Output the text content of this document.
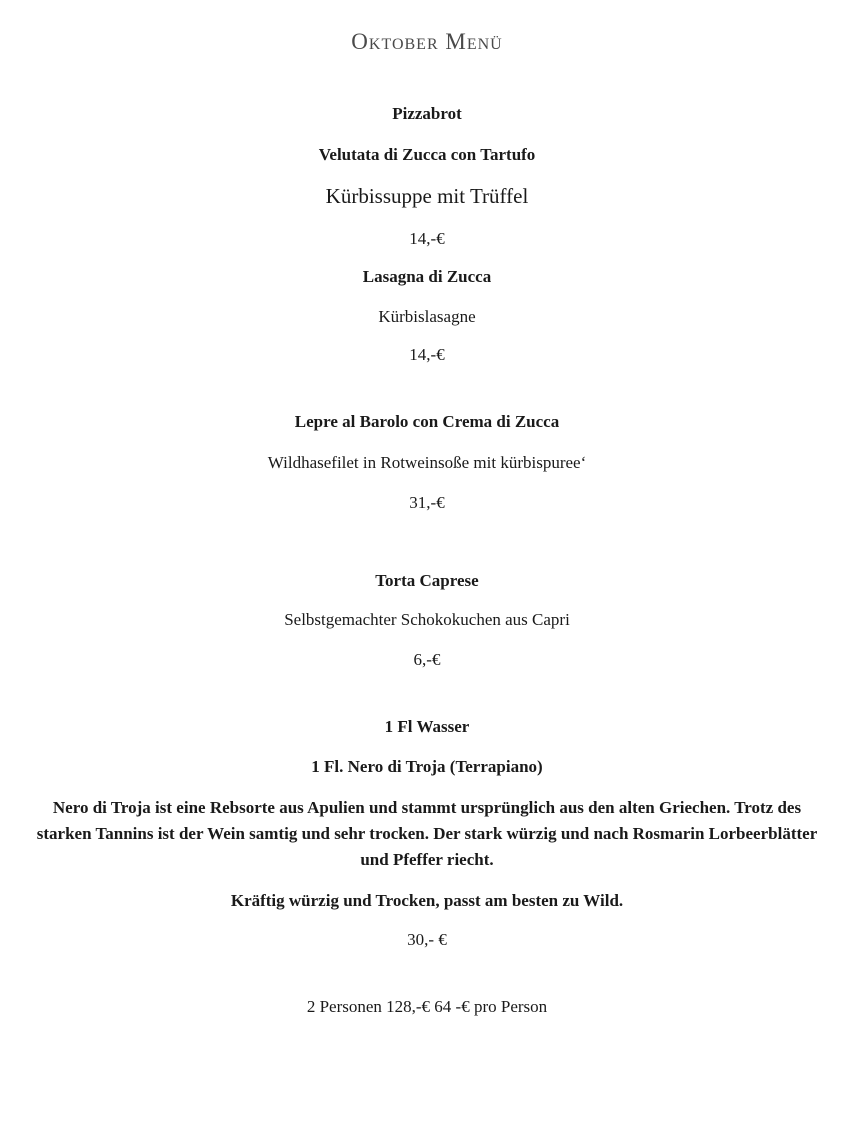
Oktober Menü
Pizzabrot
Velutata di Zucca con Tartufo
Kürbissuppe mit Trüffel
14,-€
Lasagna di Zucca
Kürbislasagne
14,-€
Lepre al Barolo con Crema di Zucca
Wildhasefilet in Rotweinsoße mit kürbispuree‘
31,-€
Torta Caprese
Selbstgemachter Schokokuchen aus Capri
6,-€
1 Fl Wasser
1 Fl. Nero di Troja (Terrapiano)
Nero di Troja ist eine Rebsorte aus Apulien und stammt ursprünglich aus den alten Griechen. Trotz des starken Tannins ist der Wein samtig und sehr trocken. Der stark würzig und nach Rosmarin Lorbeerblätter und Pfeffer riecht.
Kräftig würzig und Trocken, passt am besten zu Wild.
30,- €
2 Personen 128,-€ 64 -€ pro Person
